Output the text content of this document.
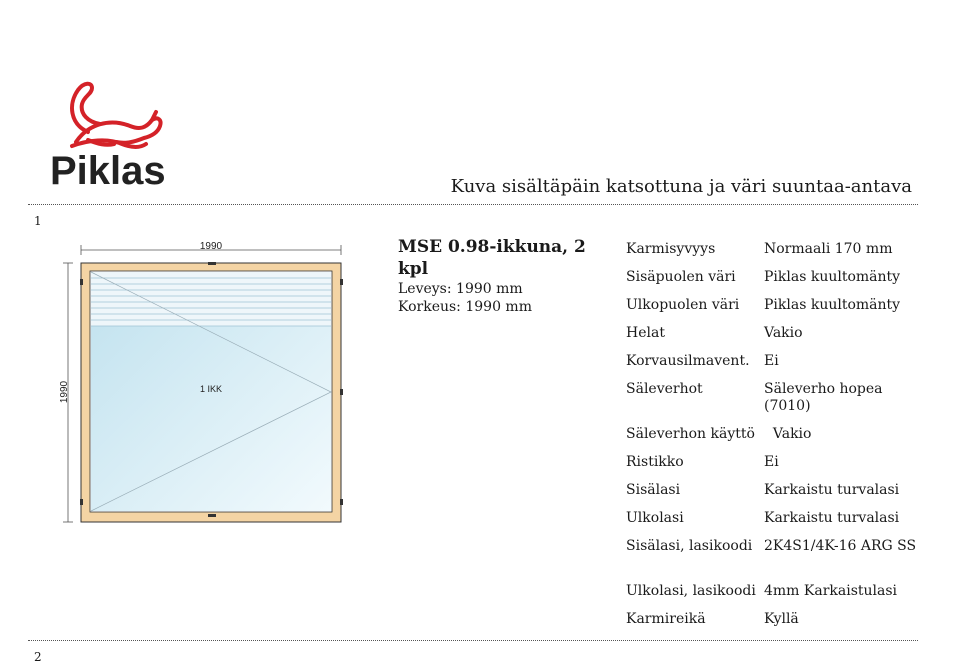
Piklas	Kuva sisältäpäin katsottuna ja väri suuntaa-antava
1
1990
1990	1 IKK
MSE 0.98-ikkuna, 2 kpl
Leveys: 1990 mm
Korkeus: 1990 mm
Karmisyvyys	Normaali 170 mm
Sisäpuolen väri	Piklas kuultomänty
Ulkopuolen väri	Piklas kuultomänty
Helat	Vakio
Korvausilmavent.	Ei
Säleverhot	Säleverho hopea (7010)
Säleverhon käyttö	Vakio
Ristikko	Ei
Sisälasi	Karkaistu turvalasi
Ulkolasi	Karkaistu turvalasi
Sisälasi, lasikoodi	2K4S1/4K-16 ARG SS
Ulkolasi, lasikoodi	4mm Karkaistulasi
Karmireikä	Kyllä
2
